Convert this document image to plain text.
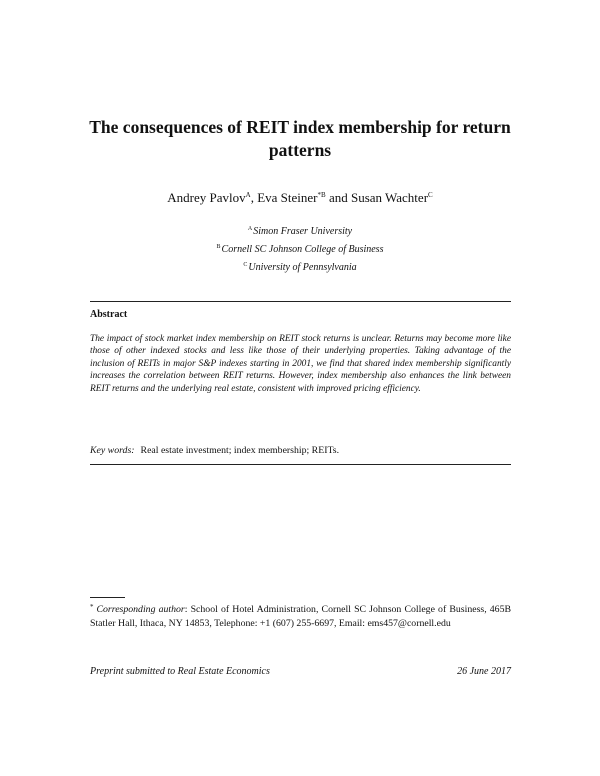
The consequences of REIT index membership for return patterns
Andrey Pavlov$^A$, Eva Steiner$^{*B}$ and Susan Wachter$^C$
$^A$Simon Fraser University
$^B$Cornell SC Johnson College of Business
$^C$University of Pennsylvania
Abstract
The impact of stock market index membership on REIT stock returns is unclear. Returns may become more like those of other indexed stocks and less like those of their underlying properties. Taking advantage of the inclusion of REITs in major S&P indexes starting in 2001, we find that shared index membership significantly increases the correlation between REIT returns. However, index membership also enhances the link between REIT returns and the underlying real estate, consistent with improved pricing efficiency.
Key words: Real estate investment; index membership; REITs.
* Corresponding author: School of Hotel Administration, Cornell SC Johnson College of Business, 465B Statler Hall, Ithaca, NY 14853, Telephone: +1 (607) 255-6697, Email: ems457@cornell.edu
Preprint submitted to Real Estate Economics	26 June 2017
